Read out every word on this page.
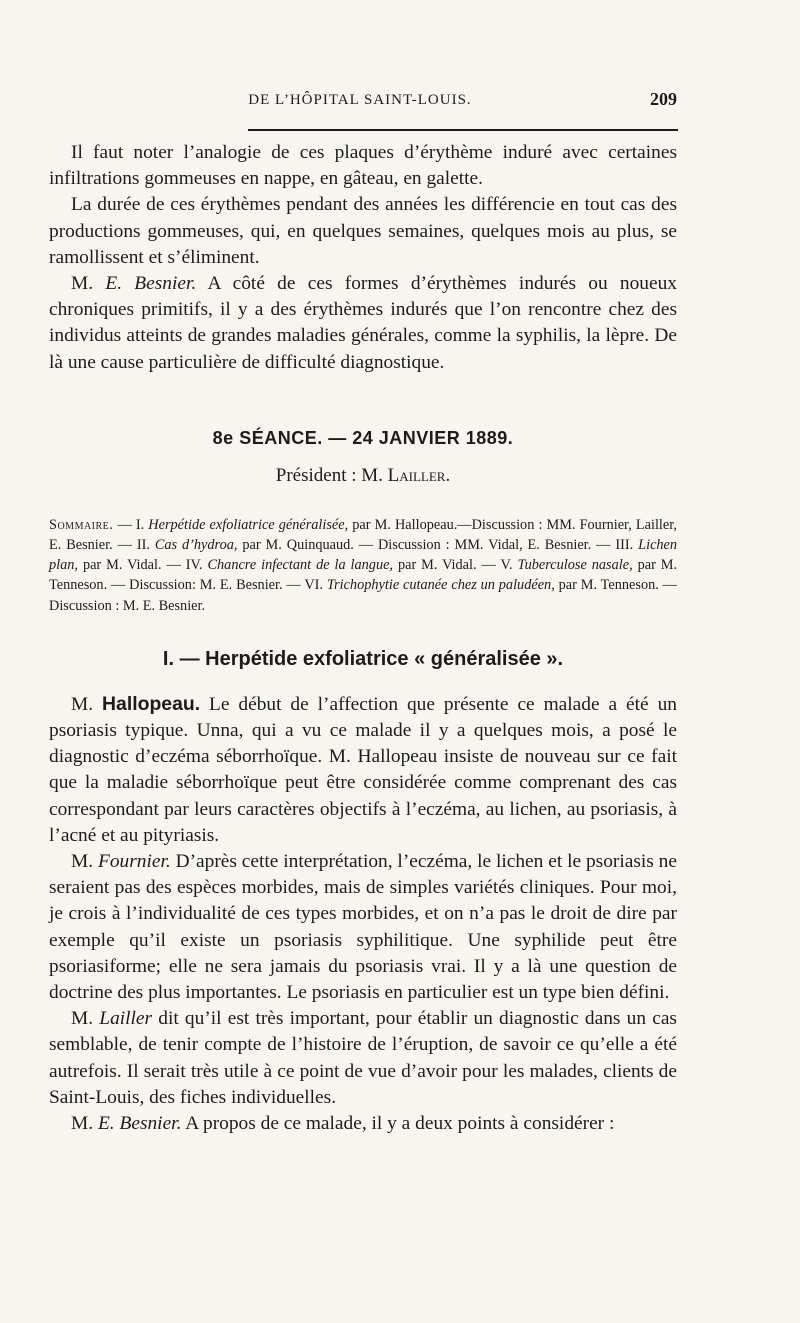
DE L’HÔPITAL SAINT-LOUIS.	209

Il faut noter l’analogie de ces plaques d’érythème induré avec certaines infiltrations gommeuses en nappe, en gâteau, en galette.

La durée de ces érythèmes pendant des années les différencie en tout cas des productions gommeuses, qui, en quelques semaines, quelques mois au plus, se ramollissent et s’éliminent.

M. E. Besnier. A côté de ces formes d’érythèmes indurés ou noueux chroniques primitifs, il y a des érythèmes indurés que l’on rencontre chez des individus atteints de grandes maladies générales, comme la syphilis, la lèpre. De là une cause particulière de difficulté diagnostique.

8e SÉANCE. — 24 JANVIER 1889.
Président : M. Lailler.

Sommaire. — I. Herpétide exfoliatrice généralisée, par M. Hallopeau.—Discussion : MM. Fournier, Lailler, E. Besnier. — II. Cas d’hydroa, par M. Quinquaud. — Discussion : MM. Vidal, E. Besnier. — III. Lichen plan, par M. Vidal. — IV. Chancre infectant de la langue, par M. Vidal. — V. Tuberculose nasale, par M. Tenneson. — Discussion: M. E. Besnier. — VI. Trichophytie cutanée chez un paludéen, par M. Tenneson. — Discussion : M. E. Besnier.

I. — Herpétide exfoliatrice « généralisée ».

M. Hallopeau. Le début de l’affection que présente ce malade a été un psoriasis typique. Unna, qui a vu ce malade il y a quelques mois, a posé le diagnostic d’eczéma séborrhoïque. M. Hallopeau insiste de nouveau sur ce fait que la maladie séborrhoïque peut être considérée comme comprenant des cas correspondant par leurs caractères objectifs à l’eczéma, au lichen, au psoriasis, à l’acné et au pityriasis.

M. Fournier. D’après cette interprétation, l’eczéma, le lichen et le psoriasis ne seraient pas des espèces morbides, mais de simples variétés cliniques. Pour moi, je crois à l’individualité de ces types morbides, et on n’a pas le droit de dire par exemple qu’il existe un psoriasis syphilitique. Une syphilide peut être psoriasiforme; elle ne sera jamais du psoriasis vrai. Il y a là une question de doctrine des plus importantes. Le psoriasis en particulier est un type bien défini.

M. Lailler dit qu’il est très important, pour établir un diagnostic dans un cas semblable, de tenir compte de l’histoire de l’éruption, de savoir ce qu’elle a été autrefois. Il serait très utile à ce point de vue d’avoir pour les malades, clients de Saint-Louis, des fiches individuelles.

M. E. Besnier. A propos de ce malade, il y a deux points à considérer :
